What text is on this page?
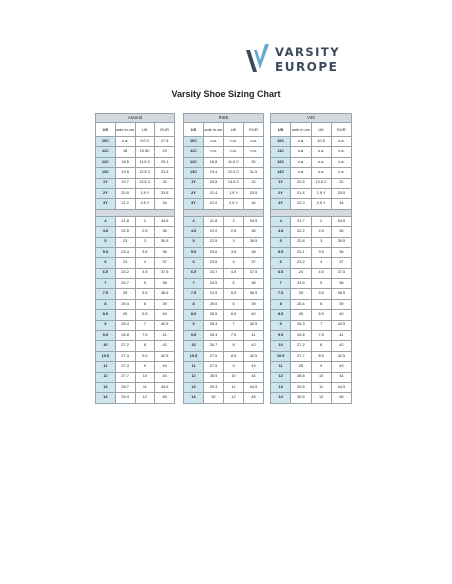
VARSITY
EUROPE
Varsity Shoe Sizing Chart
Ascend			
US	sole in cm	UK	EUR
10C	n.a.	9.0 C	27.5
11C	18	10.5C	29
12C	18.5	11.5 C	29.1
13C	19.5	12.5 C	31.5
1Y	19.7	13.5 C	32
2Y	20.5	1.5 Y	33.5
3Y	21.2	2.5 Y	34

4	21.8	2	34.5
4.5	22.5	2.5	35
5	23	3	35.5
5.5	23.4	3.5	36
6	24	4	37
6.5	24.2	4.5	37.5
7	24.7	5	38
7.5	25	5.5	38.5
8	25.4	6	39
8.5	26	6.5	40
9	26.4	7	40.5
9.5	26.8	7.5	41
10	27.2	8	42
10.5	27.3	9.0	42.5
11	27.4	9	43
12	27.7	10	44
13	28.7	11	44.5
14	29.4	12	45
RISE			
US	sole in cm	UK	EUR
10C	n.a.	n.a.	n.a.
11C	n.a.	n.a.	n.a.
12C	16.8	11.5 C	30
13C	19.4	12.5 C	31.5
1Y	20.5	13.5 C	32
2Y	21.4	1.5 Y	33.5
3Y	22.0	2.5 Y	34

4	21.8	2	34.5
4.5	22.0	2.5	35
5	22.5	3	35.5
5.5	23.0	3.5	36
6	23.5	4	37
6.5	23.7	4.5	37.5
7	24.5	5	38
7.5	24.5	5.5	38.5
8	25.0	6	39
8.5	25.5	6.5	40
9	26.3	7	40.5
9.5	26.3	7.5	41
10	26.7	8	42
10.5	27.5	8.5	42.5
11	27.5	9	43
12	28.5	10	44
13	29.3	11	44.5
14	30	12	45
V4X			
US	sole in cm	UK	EUR
10C	n.a.	10.5	n.a.
11C	n.a.	n.a.	n.a.
12C	n.a.	n.a.	n.a.
13C	n.a.	n.a.	n.a.
1Y	20.5	13.5 C	32
2Y	21.4	1.5 Y	33.5
3Y	22.0	2.5 Y	34

4	21.7	2	34.5
4.5	22.2	2.5	35
5	22.8	3	35.5
5.5	23.1	3.5	36
6	23.2	4	37
6.5	24	4.5	37.5
7	24.5	5	38
7.5	25	5.5	38.5
8	25.4	6	39
8.5	26	6.5	40
9	26.3	7	40.5
9.5	26.8	7.5	41
10	27.2	8	42
10.5	27.7	8.5	42.5
11	28	9	43
12	28.8	10	44
13	29.5	11	44.5
14	30.5	12	45
